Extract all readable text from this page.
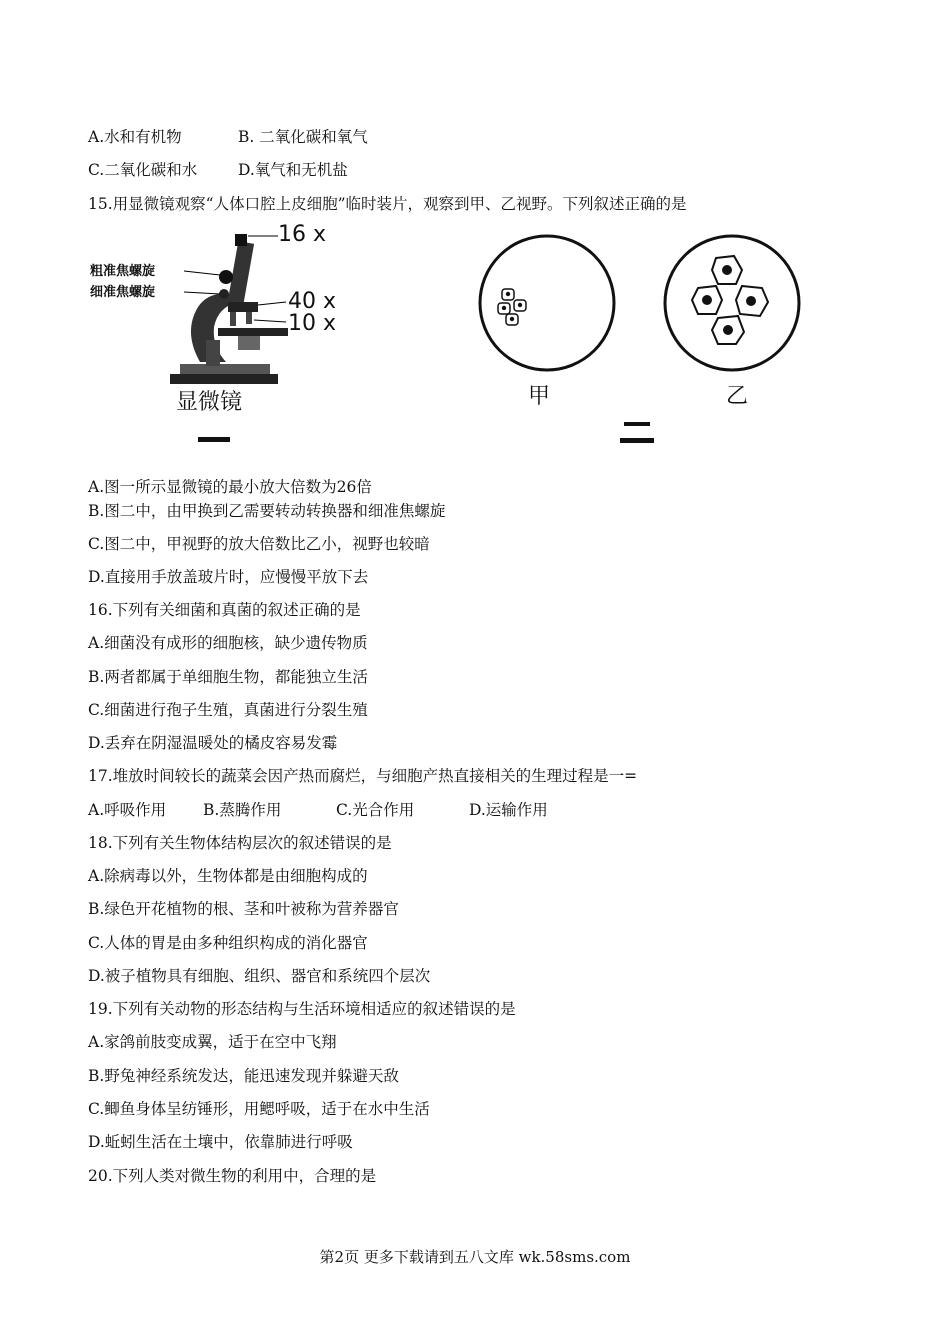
A.水和有机物	B. 二氧化碳和氧气
C.二氧化碳和水	D.氧气和无机盐
15.用显微镜观察“人体口腔上皮细胞”临时装片，观察到甲、乙视野。下列叙述正确的是
粗准焦螺旋
细准焦螺旋
16 x
40 x
10 x
显微镜	甲	乙
A.图一所示显微镜的最小放大倍数为26倍
B.图二中，由甲换到乙需要转动转换器和细准焦螺旋
C.图二中，甲视野的放大倍数比乙小，视野也较暗
D.直接用手放盖玻片时，应慢慢平放下去
16.下列有关细菌和真菌的叙述正确的是
A.细菌没有成形的细胞核，缺少遗传物质
B.两者都属于单细胞生物，都能独立生活
C.细菌进行孢子生殖，真菌进行分裂生殖
D.丢弃在阴湿温暖处的橘皮容易发霉
17.堆放时间较长的蔬菜会因产热而腐烂，与细胞产热直接相关的生理过程是一=
A.呼吸作用 B.蒸腾作用	C.光合作用	D.运输作用
18.下列有关生物体结构层次的叙述错误的是
A.除病毒以外，生物体都是由细胞构成的
B.绿色开花植物的根、茎和叶被称为营养器官
C.人体的胃是由多种组织构成的消化器官
D.被子植物具有细胞、组织、器官和系统四个层次
19.下列有关动物的形态结构与生活环境相适应的叙述错误的是
A.家鸽前肢变成翼，适于在空中飞翔
B.野兔神经系统发达，能迅速发现并躲避天敌
C.鲫鱼身体呈纺锤形，用鳃呼吸，适于在水中生活
D.蚯蚓生活在土壤中，依靠肺进行呼吸
20.下列人类对微生物的利用中，合理的是
第2页 更多下载请到五八文库 wk.58sms.com
